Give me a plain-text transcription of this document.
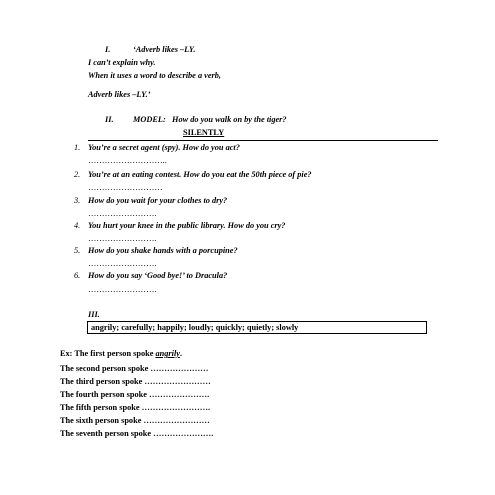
I.	‘Adverb likes –LY.
I can’t explain why.
When it uses a word to describe a verb,
Adverb likes –LY.’
II. MODEL: How do you walk on by the tiger?
SILENTLY
1. You’re a secret agent (spy). How do you act?
………………………..
2. You’re at an eating contest. How do you eat the 50th piece of pie?
………………………
3. How do you wait for your clothes to dry?
…………………….
4. You hurt your knee in the public library. How do you cry?
…………………….
5. How do you shake hands with a porcupine?
…………………….
6. How do you say ‘Good bye!’ to Dracula?
…………………….
III.
angrily; carefully; happily; loudly; quickly; quietly; slowly
Ex: The first person spoke angrily.
The second person spoke …………………
The third person spoke ……………………
The fourth person spoke ………………….
The fifth person spoke …………………….
The sixth person spoke ……………………
The seventh person spoke ………………….
